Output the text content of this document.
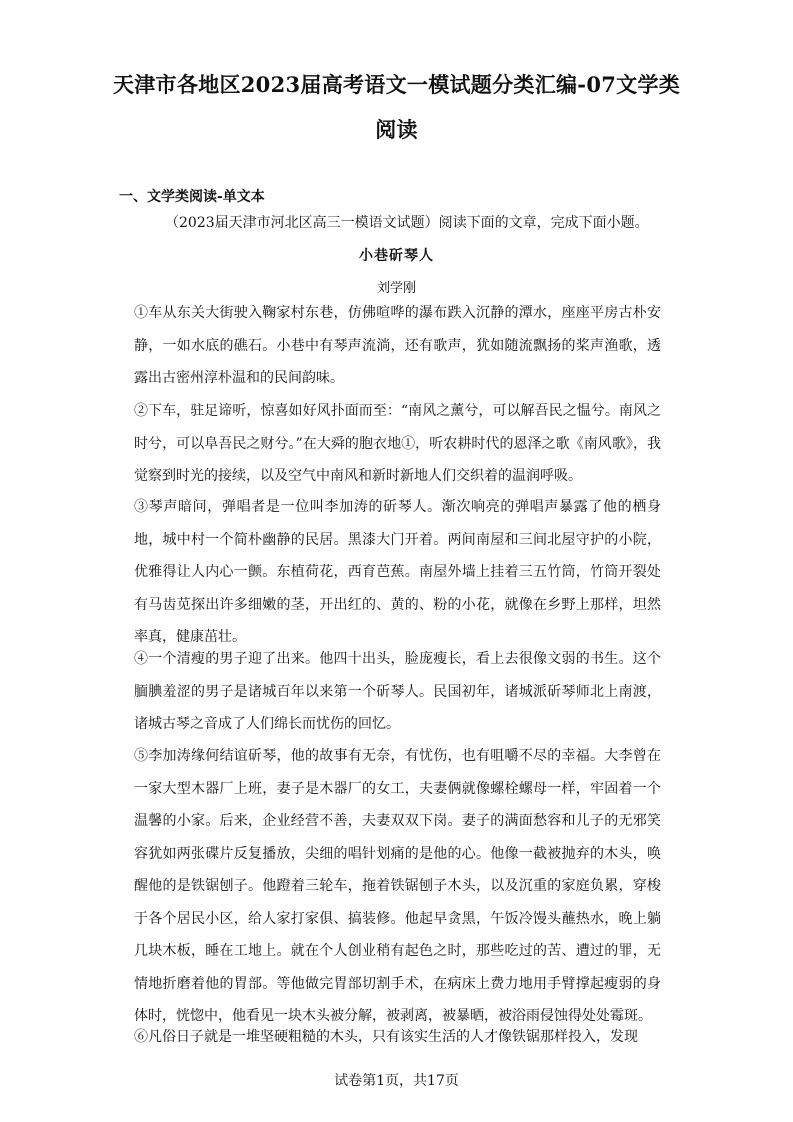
天津市各地区2023届高考语文一模试题分类汇编-07文学类阅读
一、文学类阅读-单文本
（2023届天津市河北区高三一模语文试题）阅读下面的文章，完成下面小题。
小巷斫琴人
刘学刚
①车从东关大街驶入鞠家村东巷，仿佛喧哗的瀑布跌入沉静的潭水，座座平房古朴安静，一如水底的礁石。小巷中有琴声流淌，还有歌声，犹如随流飘扬的桨声渔歌，透露出古密州淳朴温和的民间韵味。
②下车，驻足谛听，惊喜如好风扑面而至：“南风之薰兮，可以解吾民之愠兮。南风之时兮，可以阜吾民之财兮。”在大舜的胞衣地①，听农耕时代的恩泽之歌《南风歌》，我觉察到时光的接续，以及空气中南风和新时新地人们交织着的温润呼吸。
③琴声暗问，弹唱者是一位叫李加涛的斫琴人。渐次响亮的弹唱声暴露了他的栖身地，城中村一个简朴幽静的民居。黑漆大门开着。两间南屋和三间北屋守护的小院，优雅得让人内心一颤。东植荷花，西育芭蕉。南屋外墙上挂着三五竹筒，竹筒开裂处有马齿苋探出许多细嫩的茎，开出红的、黄的、粉的小花，就像在乡野上那样，坦然率真，健康茁壮。
④一个清瘦的男子迎了出来。他四十出头，脸庞瘦长，看上去很像文弱的书生。这个腼腆羞涩的男子是诸城百年以来第一个斫琴人。民国初年，诸城派斫琴师北上南渡，诸城古琴之音成了人们绵长而忧伤的回忆。
⑤李加涛缘何结谊斫琴，他的故事有无奈，有忧伤，也有咀嚼不尽的幸福。大李曾在一家大型木器厂上班，妻子是木器厂的女工，夫妻俩就像螺栓螺母一样，牢固着一个温馨的小家。后来，企业经营不善，夫妻双双下岗。妻子的满面愁容和儿子的无邪笑容犹如两张碟片反复播放，尖细的唱针划痛的是他的心。他像一截被抛弃的木头，唤醒他的是铁锯刨子。他蹬着三轮车，拖着铁锯刨子木头，以及沉重的家庭负累，穿梭于各个居民小区，给人家打家俱、搞装修。他起早贪黑，午饭冷馒头蘸热水，晚上躺几块木板，睡在工地上。就在个人创业稍有起色之时，那些吃过的苦、遭过的罪，无情地折磨着他的胃部。等他做完胃部切割手术，在病床上费力地用手臂撑起瘦弱的身体时，恍惚中，他看见一块木头被分解，被剥离，被暴晒，被浴雨侵蚀得处处霉斑。
⑥凡俗日子就是一堆坚硬粗糙的木头，只有该实生活的人才像铁锯那样投入，发现
试卷第1页，共17页
